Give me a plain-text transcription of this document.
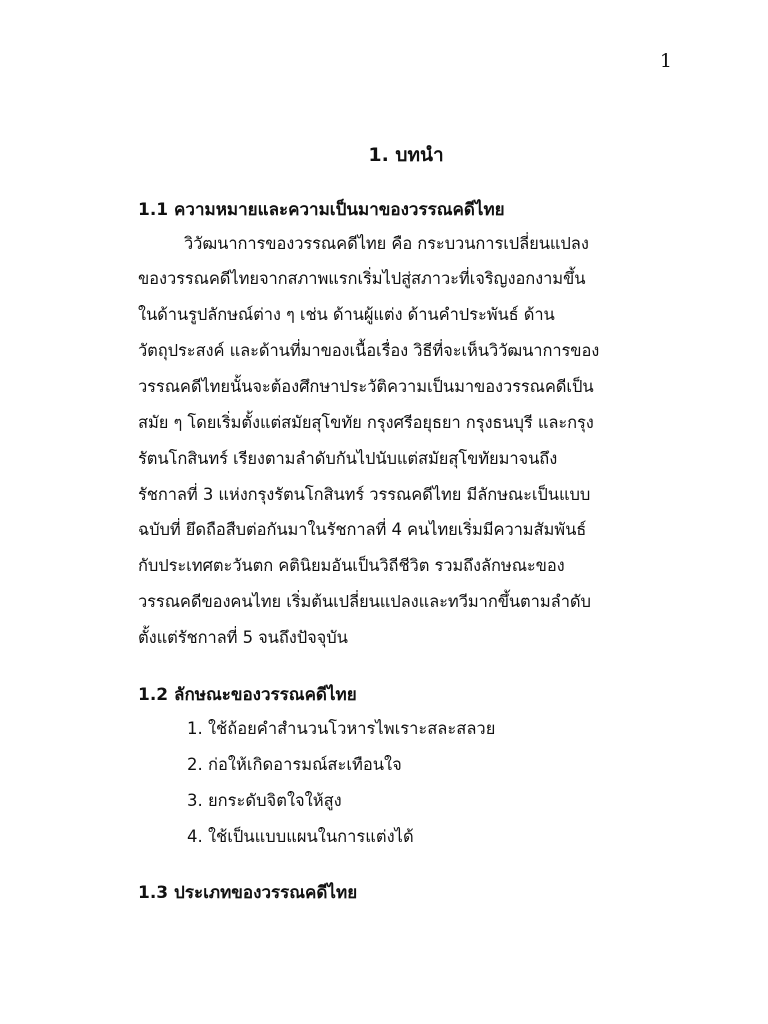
1
1. บทนำ
1.1 ความหมายและความเป็นมาของวรรณคดีไทย
วิวัฒนาการของวรรณคดีไทย คือ กระบวนการเปลี่ยนแปลง
ของวรรณคดีไทยจากสภาพแรกเริ่มไปสู่สภาวะที่เจริญงอกงามขึ้น
ในด้านรูปลักษณ์ต่าง ๆ เช่น ด้านผู้แต่ง ด้านคำประพันธ์ ด้าน
วัตถุประสงค์ และด้านที่มาของเนื้อเรื่อง วิธีที่จะเห็นวิวัฒนาการของ
วรรณคดีไทยนั้นจะต้องศึกษาประวัติความเป็นมาของวรรณคดีเป็น
สมัย ๆ โดยเริ่มตั้งแต่สมัยสุโขทัย กรุงศรีอยุธยา กรุงธนบุรี และกรุง
รัตนโกสินทร์ เรียงตามลำดับกันไปนับแต่สมัยสุโขทัยมาจนถึง
รัชกาลที่ 3 แห่งกรุงรัตนโกสินทร์ วรรณคดีไทย มีลักษณะเป็นแบบ
ฉบับที่ ยึดถือสืบต่อกันมาในรัชกาลที่ 4 คนไทยเริ่มมีความสัมพันธ์
กับประเทศตะวันตก คตินิยมอันเป็นวิถีชีวิต รวมถึงลักษณะของ
วรรณคดีของคนไทย เริ่มต้นเปลี่ยนแปลงและทวีมากขึ้นตามลำดับ
ตั้งแต่รัชกาลที่ 5 จนถึงปัจจุบัน
1.2 ลักษณะของวรรณคดีไทย
1. ใช้ถ้อยคำสำนวนโวหารไพเราะสละสลวย
2. ก่อให้เกิดอารมณ์สะเทือนใจ
3. ยกระดับจิตใจให้สูง
4. ใช้เป็นแบบแผนในการแต่งได้
1.3 ประเภทของวรรณคดีไทย
